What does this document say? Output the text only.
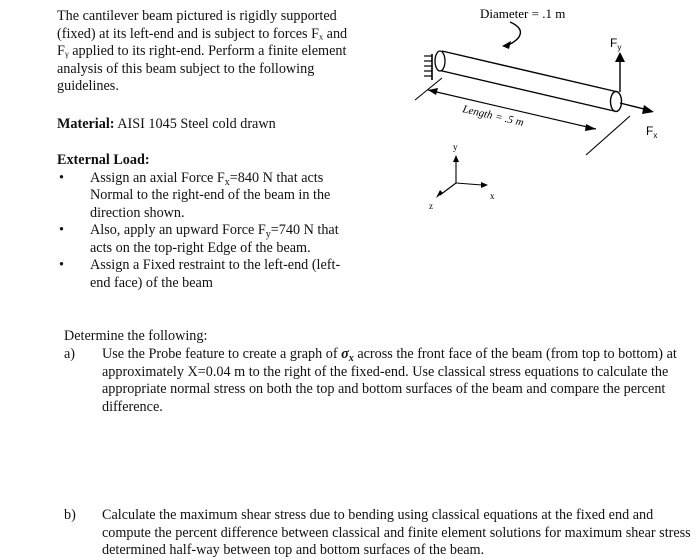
The cantilever beam pictured is rigidly supported (fixed) at its left-end and is subject to forces Fₓ and Fᵧ applied to its right-end. Perform a finite element analysis of this beam subject to the following guidelines.
Material: AISI 1045 Steel cold drawn
External Load:
• Assign an axial Force $F_x=840$ N that acts Normal to the right-end of the beam in the direction shown.
• Also, apply an upward Force $F_y=740$ N that acts on the top-right Edge of the beam.
• Assign a Fixed restraint to the left-end (left-end face) of the beam
Diameter = .1 m
Length = .5 m
$F_y$
$F_x$
y
x
z
Determine the following:
a) Use the Probe feature to create a graph of $\sigma_x$ across the front face of the beam (from top to bottom) at approximately X=0.04 m to the right of the fixed-end. Use classical stress equations to calculate the appropriate normal stress on both the top and bottom surfaces of the beam and compare the percent difference.
b) Calculate the maximum shear stress due to bending using classical equations at the fixed end and compute the percent difference between classical and finite element solutions for maximum shear stress determined half-way between top and bottom surfaces of the beam.
